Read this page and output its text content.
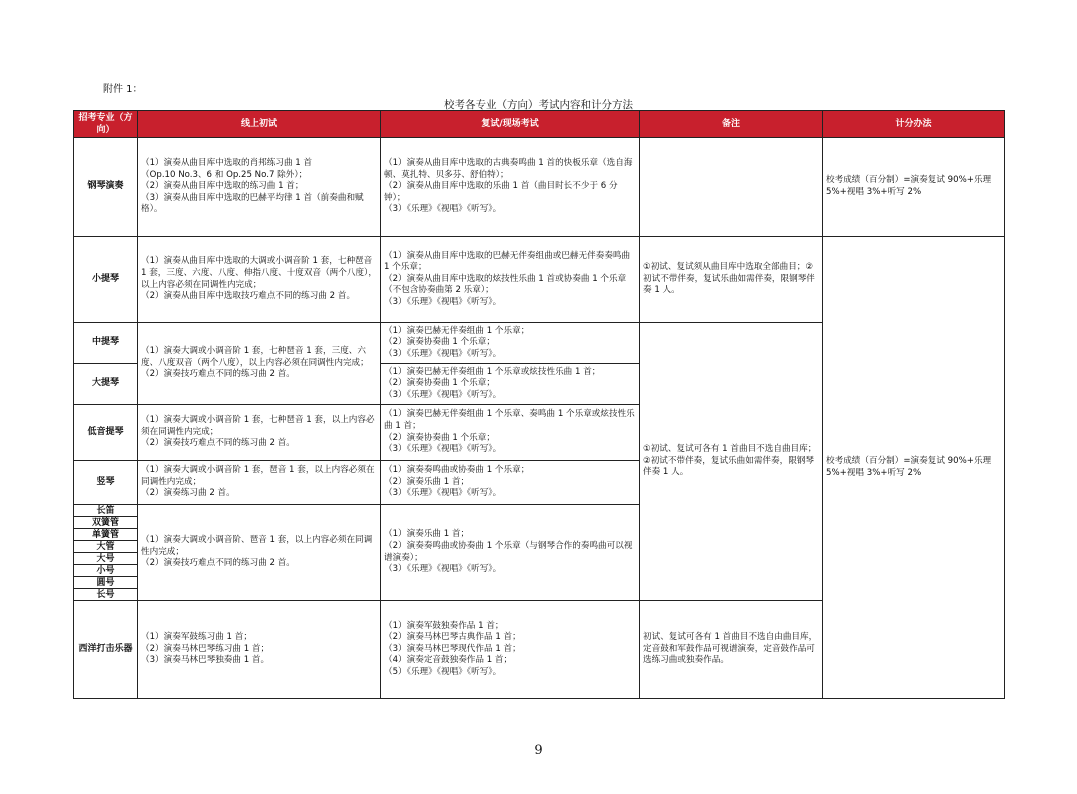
附件 1：
校考各专业（方向）考试内容和计分方法
招考专业（方向）	线上初试	复试/现场考试	备注	计分办法
钢琴演奏	（1）演奏从曲目库中选取的肖邦练习曲 1 首
（Op.10 No.3、6 和 Op.25 No.7 除外）；
（2）演奏从曲目库中选取的练习曲 1 首；
（3）演奏从曲目库中选取的巴赫平均律 1 首（前奏曲和赋格）。	（1）演奏从曲目库中选取的古典奏鸣曲 1 首的快板乐章（选自海顿、莫扎特、贝多芬、舒伯特）；
（2）演奏从曲目库中选取的乐曲 1 首（曲目时长不少于 6 分钟）；
（3）《乐理》《视唱》《听写》。		校考成绩（百分制）=演奏复试 90%+乐理 5%+视唱 3%+听写 2%
小提琴	（1）演奏从曲目库中选取的大调或小调音阶 1 套，七种琶音 1 套，三度、六度、八度、伸指八度、十度双音（两个八度），以上内容必须在同调性内完成；
（2）演奏从曲目库中选取技巧难点不同的练习曲 2 首。	（1）演奏从曲目库中选取的巴赫无伴奏组曲或巴赫无伴奏奏鸣曲 1 个乐章；
（2）演奏从曲目库中选取的炫技性乐曲 1 首或协奏曲 1 个乐章（不包含协奏曲第 2 乐章）；
（3）《乐理》《视唱》《听写》。	①初试、复试须从曲目库中选取全部曲目；②初试不带伴奏，复试乐曲如需伴奏，限钢琴伴奏 1 人。	校考成绩（百分制）=演奏复试 90%+乐理 5%+视唱 3%+听写 2%
中提琴	（1）演奏大调或小调音阶 1 套，七种琶音 1 套，三度、六度、八度双音（两个八度），以上内容必须在同调性内完成；
（2）演奏技巧难点不同的练习曲 2 首。	（1）演奏巴赫无伴奏组曲 1 个乐章；
（2）演奏协奏曲 1 个乐章；
（3）《乐理》《视唱》《听写》。	①初试、复试可各有 1 首曲目不选自曲目库；②初试不带伴奏，复试乐曲如需伴奏，限钢琴伴奏 1 人。	
大提琴		（1）演奏巴赫无伴奏组曲 1 个乐章或炫技性乐曲 1 首；
（2）演奏协奏曲 1 个乐章；
（3）《乐理》《视唱》《听写》。		

低音提琴	（1）演奏大调或小调音阶 1 套，七种琶音 1 套，以上内容必须在同调性内完成；
（2）演奏技巧难点不同的练习曲 2 首。	（1）演奏巴赫无伴奏组曲 1 个乐章、奏鸣曲 1 个乐章或炫技性乐曲 1 首；
（2）演奏协奏曲 1 个乐章；
（3）《乐理》《视唱》《听写》。		

竖琴	（1）演奏大调或小调音阶 1 套，琶音 1 套，以上内容必须在同调性内完成；
（2）演奏练习曲 2 首。	（1）演奏奏鸣曲或协奏曲 1 个乐章；
（2）演奏乐曲 1 首；
（3）《乐理》《视唱》《听写》。		

长笛	（1）演奏大调或小调音阶、琶音 1 套，以上内容必须在同调性内完成；
（2）演奏技巧难点不同的练习曲 2 首。	（1）演奏乐曲 1 首；
（2）演奏奏鸣曲或协奏曲 1 个乐章（与钢琴合作的奏鸣曲可以视谱演奏）；
（3）《乐理》《视唱》《听写》。		

双簧管				
单簧管				
大管				
大号				
小号				
圆号				
长号				
西洋打击乐器	（1）演奏军鼓练习曲 1 首；
（2）演奏马林巴琴练习曲 1 首；
（3）演奏马林巴琴独奏曲 1 首。	（1）演奏军鼓独奏作品 1 首；
（2）演奏马林巴琴古典作品 1 首；
（3）演奏马林巴琴现代作品 1 首；
（4）演奏定音鼓独奏作品 1 首；
（5）《乐理》《视唱》《听写》。	初试、复试可各有 1 首曲目不选自由曲目库，定音鼓和军鼓作品可视谱演奏，定音鼓作品可选练习曲或独奏作品。	
9
